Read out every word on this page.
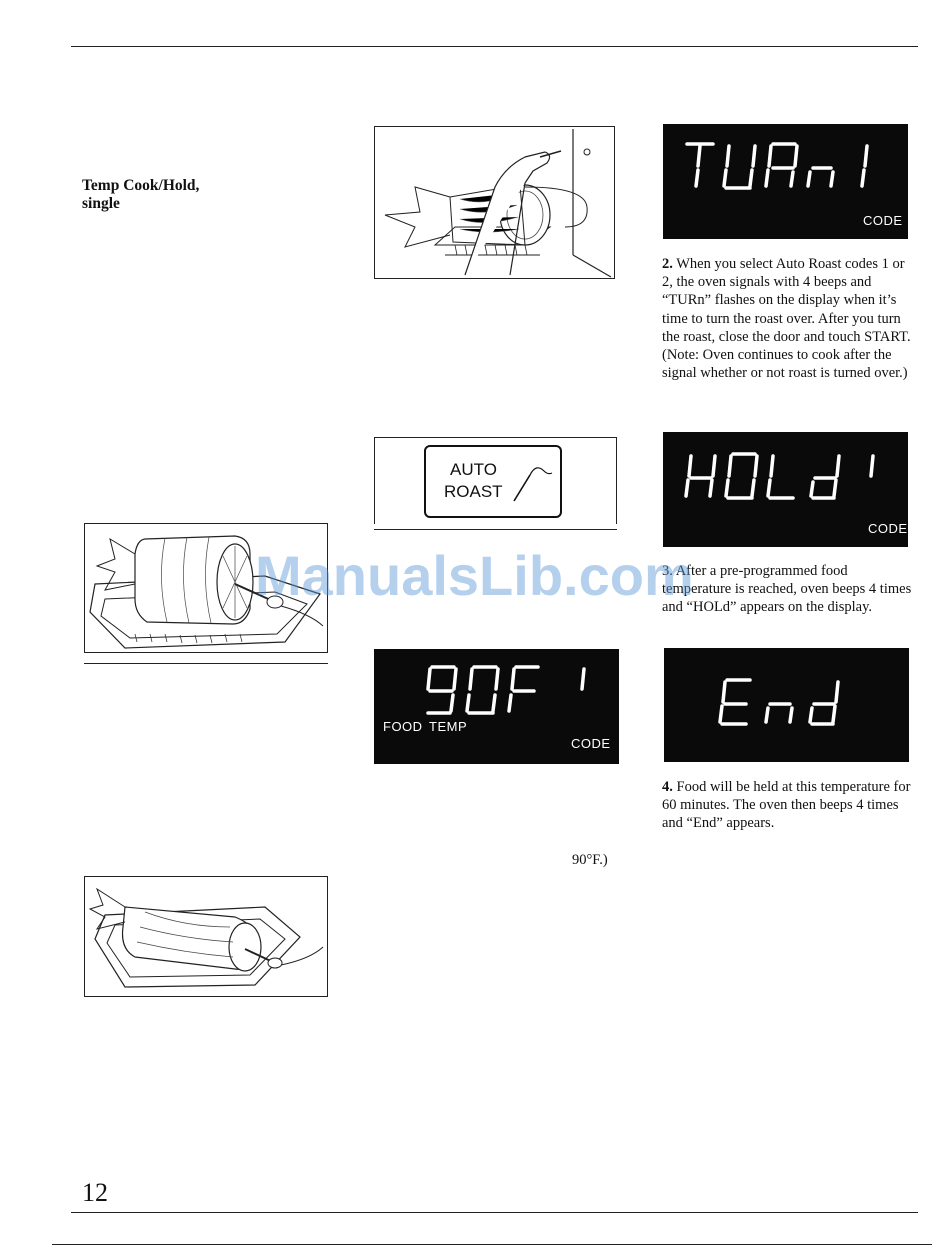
Temp Cook/Hold,
single
CODE
2. When you select Auto Roast codes 1 or 2, the oven signals with 4 beeps and “TURn” flashes on the display when it’s time to turn the roast over. After you turn the roast, close the door and touch START. (Note: Oven continues to cook after the signal whether or not roast is turned over.)
AUTO
ROAST
CODE
3. After a pre-programmed food temperature is reached, oven beeps 4 times and “HOLd” appears on the display.
FOOD TEMP
CODE
4. Food will be held at this temperature for 60 minutes. The oven then beeps 4 times and “End” appears.
90°F.)
ManualsLib.com
12
